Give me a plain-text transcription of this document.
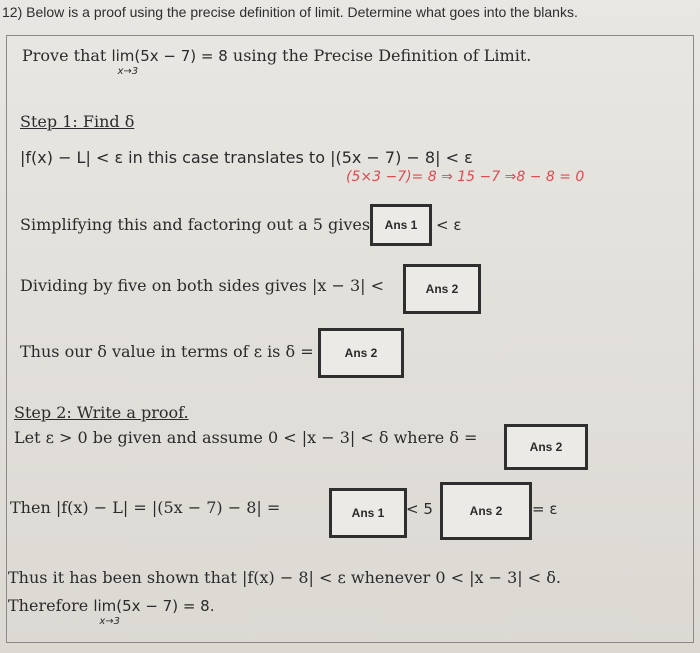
12) Below is a proof using the precise definition of limit. Determine what goes into the blanks.
Prove that lim(5x − 7) = 8
x→3
using the Precise Definition of Limit.
Step 1: Find δ
|f(x) − L| < ε in this case translates to |(5x − 7) − 8| < ε
(5×3 −7)= 8 ⇒ 15 −7 ⇒8 − 8 = 0
Simplifying this and factoring out a 5 gives	Ans 1	< ε
Dividing by five on both sides gives |x − 3| <	Ans 2
Thus our δ value in terms of ε is δ =	Ans 2
Step 2: Write a proof.
Let ε > 0 be given and assume 0 < |x − 3| < δ where δ =	Ans 2
Then |f(x) − L| = |(5x − 7) − 8| =	Ans 1	< 5	Ans 2	= ε
Thus it has been shown that |f(x) − 8| < ε whenever 0 < |x − 3| < δ.
Therefore lim(5x − 7) = 8.
x→3
